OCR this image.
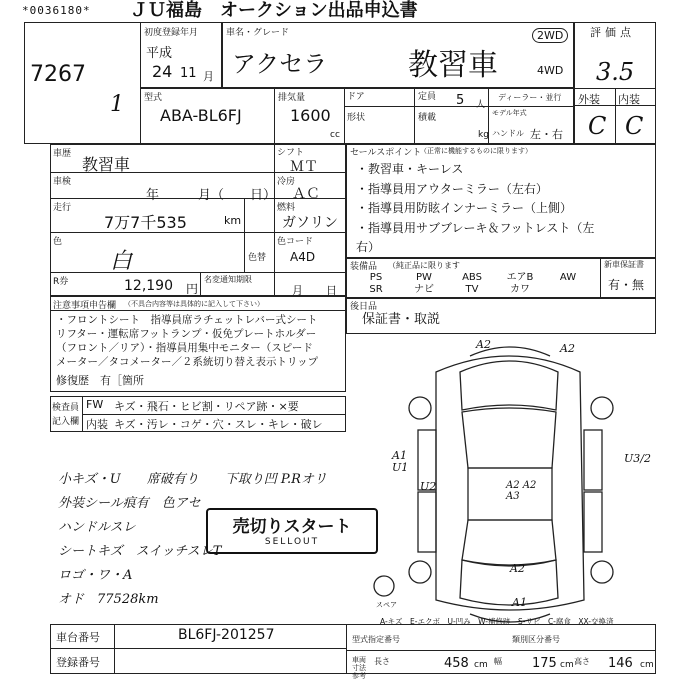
*0036180* ＪＵ福島　オークション出品申込書
7267
1
初度登録年月
平成
24 11 月
車名・グレード
アクセラ	教習車
2WD
4WD
評価点
3.5
外装 内装
C C
型式
ABA-BL6FJ
排気量
1600
cc
ドア	定員 5 人
ディーラー・並行
形状	積載
kg
モデル年式
ハンドル 左・右
車歴
教習車
車検
年	月（ 日）
走行
7万7千535	km
色
白	色替
R券	12,190 円
名変通知期限
月 日
シフト
ＭＴ
冷房
ＡＣ
燃料
ガソリン
色コード
A4D
セールスポイント
（正常に機能するものに限ります）
・教習車・キーレス
・指導員用アウターミラー（左右）
・指導員用防眩インナーミラー（上側）
・指導員用サブブレーキ＆フットレスト（左
右）
装備品 （純正品に限ります	新車保証書
PS
SR
PW
ナビ
ABS
TV
エアB
カワ
AW
有・無
後日品
保証書・取説
注意事項申告欄 （不具合内容等は具体的に記入して下さい）
・フロントシート　指導員席ラチェットレバー式シート
リフター・運転席フットランプ・仮免プレートホルダー
（フロント／リア）・指導員用集中モニター（スピード
メーター／タコメーター／２系統切り替え表示トリップ
修復歴　有［箇所
検査員
記入欄
FW キズ・飛石・ヒビ割・リペア跡・×要
内装 キズ・汚レ・コゲ・穴・スレ・キレ・破レ
小キズ・U　　席破有り　　下取り凹 P.Rオリ
外装シール痕有　色アセ
ハンドルスレ
シートキズ　スイッチスレT
ロゴ・ワ・A
オド　77528km
売切りスタート
SELLOUT
A2	A2
A1 U1
U2
U3/2
A2 A2 A3
A2
A1
スペア
A-キズ　E-エクボ　U-凹み　W-補修跡　S-サビ　C-腐食　XX-交換済
車台番号	BL6FJ-201257
登録番号
型式指定番号	類別区分番号
車両寸法参考
長さ	458 cm 幅 175 cm 高さ 146 cm
